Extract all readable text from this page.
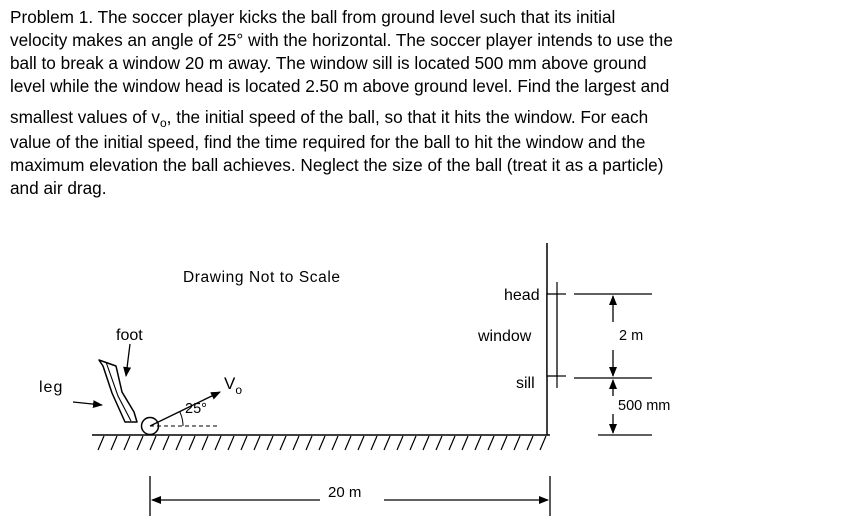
Problem 1. The soccer player kicks the ball from ground level such that its initial
velocity makes an angle of 25° with the horizontal. The soccer player intends to use the
ball to break a window 20 m away. The window sill is located 500 mm above ground
level while the window head is located 2.50 m above ground level. Find the largest and
smallest values of $v_o$, the initial speed of the ball, so that it hits the window. For each
value of the initial speed, find the time required for the ball to hit the window and the
maximum elevation the ball achieves. Neglect the size of the ball (treat it as a particle)
and air drag.

Drawing Not to Scale
foot
leg
25°
$V_o$
head
window
sill
2 m
500 mm
20 m
